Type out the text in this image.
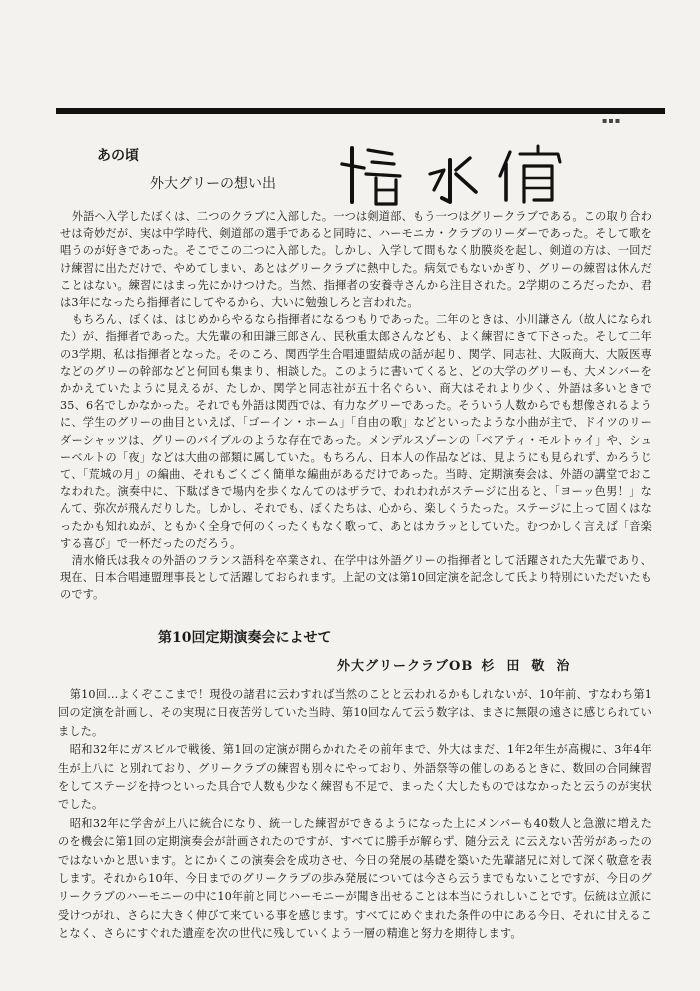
▪▪▪
あの頃
外大グリーの想い出

外語へ入学したぼくは、二つのクラブに入部した。一つは剣道部、もう一つはグリークラブである。この取り合わせは奇妙だが、実は中学時代、剣道部の選手であると同時に、ハーモニカ・クラブのリーダーであった。そして歌を唱うのが好きであった。そこでこの二つに入部した。しかし、入学して間もなく肋膜炎を起し、剣道の方は、一回だけ練習に出ただけで、やめてしまい、あとはグリークラブに熱中した。病気でもないかぎり、グリーの練習は休んだことはない。練習にはまっ先にかけつけた。当然、指揮者の安養寺さんから注目された。2学期のころだったか、君は3年になったら指揮者にしてやるから、大いに勉強しろと言われた。

もちろん、ぼくは、はじめからやるなら指揮者になるつもりであった。二年のときは、小川謙さん（故人になられた）が、指揮者であった。大先輩の和田謙三郎さん、民秋重太郎さんなども、よく練習にきて下さった。そして二年の3学期、私は指揮者となった。そのころ、関西学生合唱連盟結成の話が起り、関学、同志社、大阪商大、大阪医専などのグリーの幹部などと何回も集まり、相談した。このように書いてくると、どの大学のグリーも、大メンバーをかかえていたように見えるが、たしか、関学と同志社が五十名ぐらい、商大はそれより少く、外語は多いときで35、6名でしかなかった。それでも外語は関西では、有力なグリーであった。そういう人数からでも想像されるように、学生のグリーの曲目といえば、「ゴーイン・ホーム」「自由の歌」などといったような小曲が主で、ドイツのリーダーシャッツは、グリーのバイブルのような存在であった。メンデルスゾーンの「ベアティ・モルトゥイ」や、シューベルトの「夜」などは大曲の部類に属していた。もちろん、日本人の作品などは、見ようにも見られず、かろうじて、「荒城の月」の編曲、それもごくごく簡単な編曲があるだけであった。当時、定期演奏会は、外語の講堂でおこなわれた。演奏中に、下駄ばきで場内を歩くなんてのはザラで、われわれがステージに出ると、「ヨーッ色男！」なんて、弥次が飛んだりした。しかし、それでも、ぼくたちは、心から、楽しくうたった。ステージに上って固くはなったかも知れぬが、ともかく全身で何のくったくもなく歌って、あとはカラッとしていた。むつかしく言えば「音楽する喜び」で一杯だったのだろう。

清水脩氏は我々の外語のフランス語科を卒業され、在学中は外語グリーの指揮者として活躍された大先輩であり、現在、日本合唱連盟理事長として活躍しておられます。上記の文は第10回定演を記念して氏より特別にいただいたものです。

第10回定期演奏会によせて
外大グリークラブOB 杉田敬治

第10回…よくぞここまで！現役の諸君に云わすれば当然のことと云われるかもしれないが、10年前、すなわち第1回の定演を計画し、その実現に日夜苦労していた当時、第10回なんて云う数字は、まさに無限の遠さに感じられていました。

昭和32年にガスビルで戦後、第1回の定演が開らかれたその前年まで、外大はまだ、1年2年生が高槻に、3年4年生が上八に と別れており、グリークラブの練習も別々にやっており、外語祭等の催しのあるときに、数回の合同練習をしてステージを持つといった具合で人数も少なく練習も不足で、まったく大したものではなかったと云うのが実状でした。

昭和32年に学舎が上八に統合になり、統一した練習ができるようになった上にメンバーも40数人と急激に増えたのを機会に第1回の定期演奏会が計画されたのですが、すべてに勝手が解らず、随分云え に云えない苦労があったのではないかと思います。とにかくこの演奏会を成功させ、今日の発展の基礎を築いた先輩諸兄に対して深く敬意を表します。それから10年、今日までのグリークラブの歩み発展については今さら云うまでもないことですが、今日のグリークラブのハーモニーの中に10年前と同じハーモニーが聞き出せることは本当にうれしいことです。伝統は立派に受けつがれ、さらに大きく伸びて来ている事を感じます。すべてにめぐまれた条件の中にある今日、それに甘えることなく、さらにすぐれた遺産を次の世代に残していくよう一層の精進と努力を期待します。
